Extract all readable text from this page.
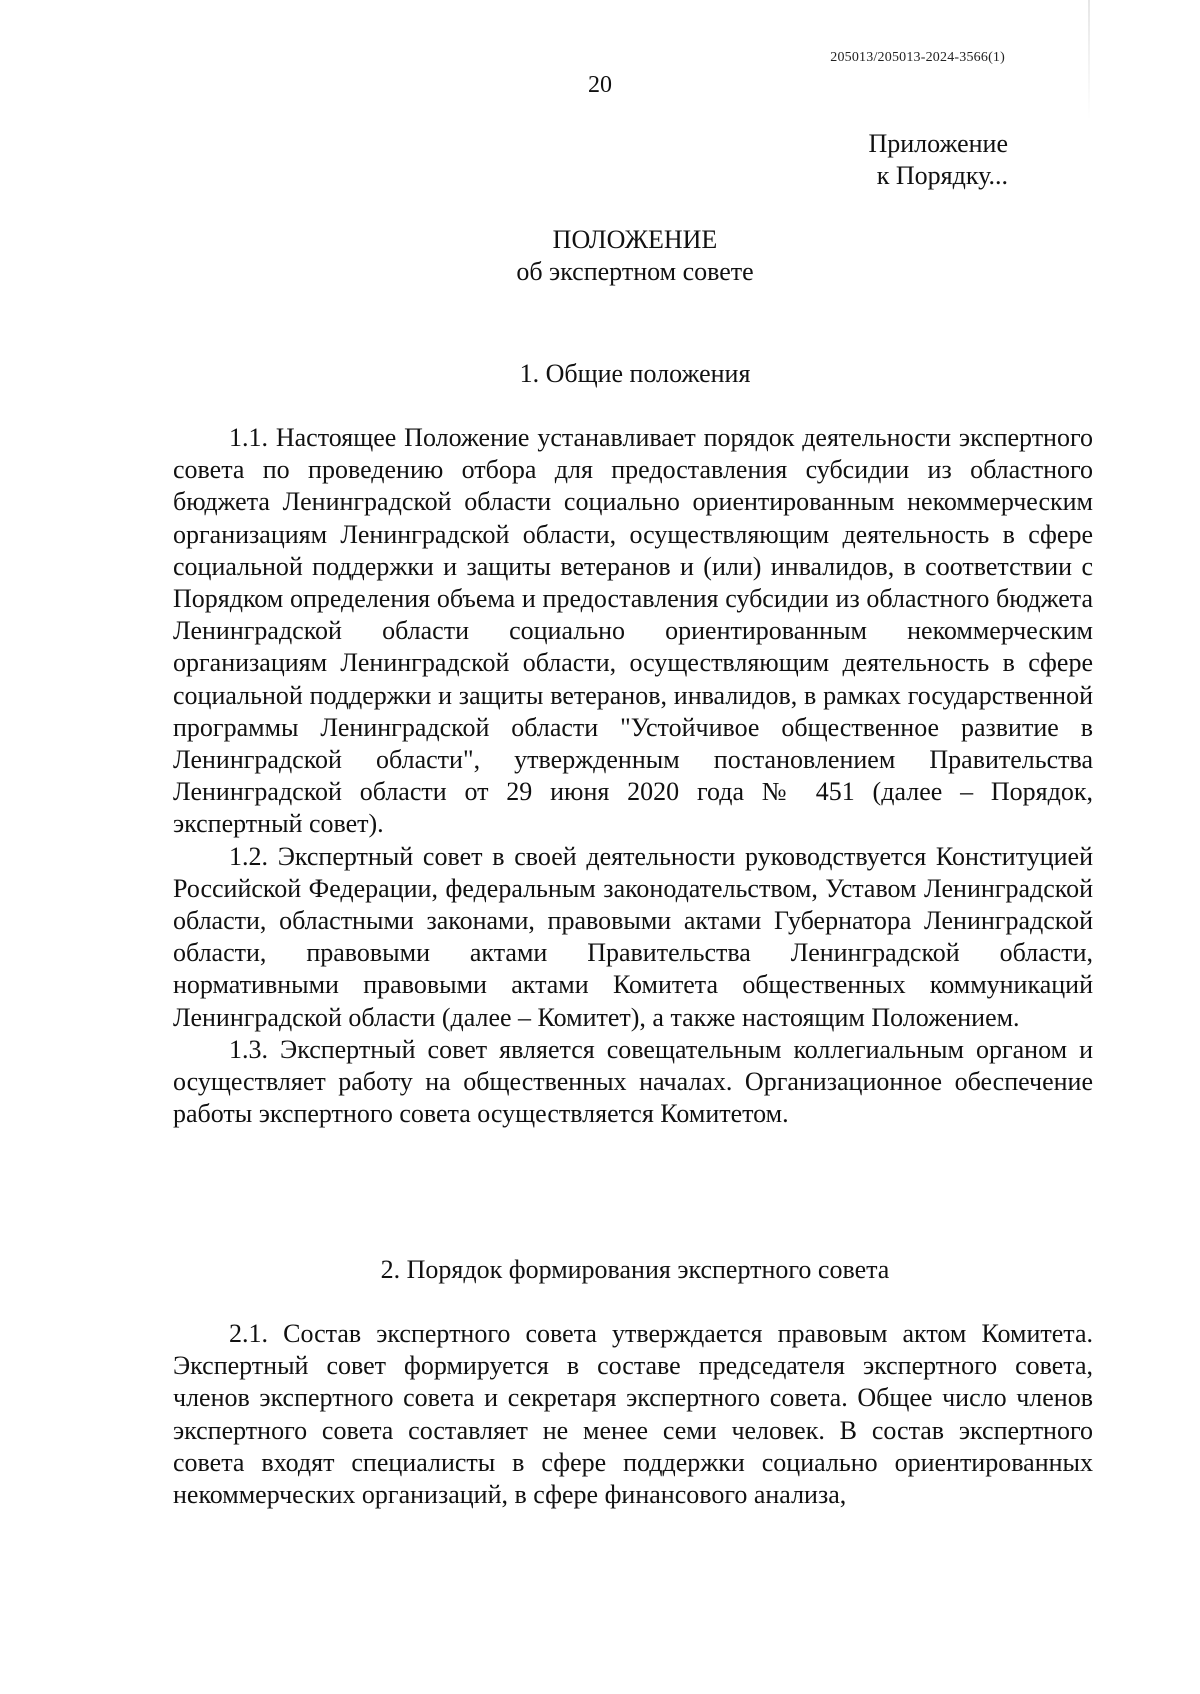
205013/205013-2024-3566(1)
20
Приложение
к Порядку...
ПОЛОЖЕНИЕ
об экспертном совете
1. Общие положения

1.1. Настоящее Положение устанавливает порядок деятельности экспертного совета по проведению отбора для предоставления субсидии из областного бюджета Ленинградской области социально ориентированным некоммерческим организациям Ленинградской области, осуществляющим деятельность в сфере социальной поддержки и защиты ветеранов и (или) инвалидов, в соответствии с Порядком определения объема и предоставления субсидии из областного бюджета Ленинградской области социально ориентированным некоммерческим организациям Ленинградской области, осуществляющим деятельность в сфере социальной поддержки и защиты ветеранов, инвалидов, в рамках государственной программы Ленинградской области "Устойчивое общественное развитие в Ленинградской области", утвержденным постановлением Правительства Ленинградской области от 29 июня 2020 года № 451 (далее – Порядок, экспертный совет).

1.2. Экспертный совет в своей деятельности руководствуется Конституцией Российской Федерации, федеральным законодательством, Уставом Ленинградской области, областными законами, правовыми актами Губернатора Ленинградской области, правовыми актами Правительства Ленинградской области, нормативными правовыми актами Комитета общественных коммуникаций Ленинградской области (далее – Комитет), а также настоящим Положением.

1.3. Экспертный совет является совещательным коллегиальным органом и осуществляет работу на общественных началах. Организационное обеспечение работы экспертного совета осуществляется Комитетом.

2. Порядок формирования экспертного совета

2.1. Состав экспертного совета утверждается правовым актом Комитета. Экспертный совет формируется в составе председателя экспертного совета, членов экспертного совета и секретаря экспертного совета. Общее число членов экспертного совета составляет не менее семи человек. В состав экспертного совета входят специалисты в сфере поддержки социально ориентированных некоммерческих организаций, в сфере финансового анализа,
